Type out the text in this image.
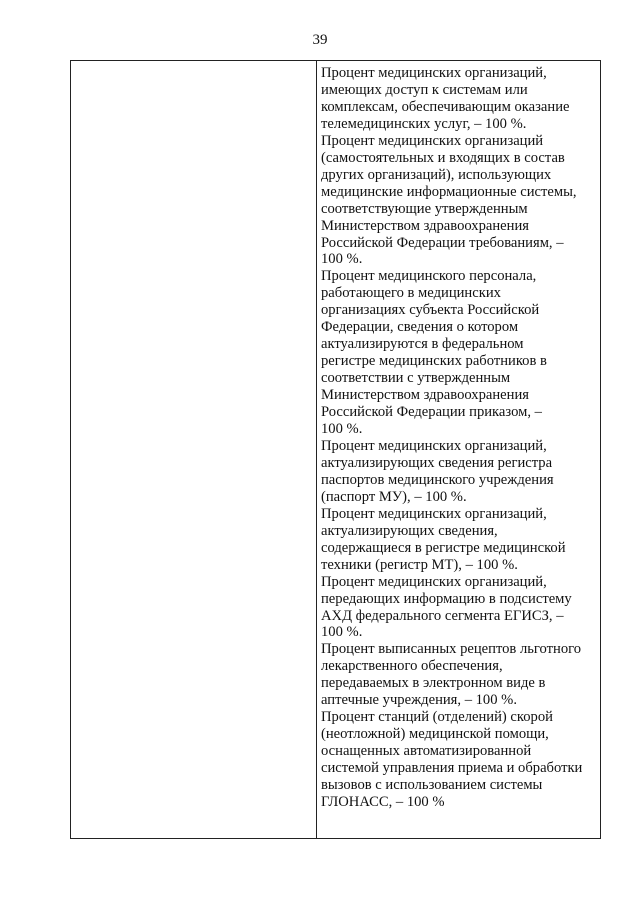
39
Процент медицинских организаций,
имеющих доступ к системам или
комплексам, обеспечивающим оказание
телемедицинских услуг, – 100 %.
Процент медицинских организаций
(самостоятельных и входящих в состав
других организаций), использующих
медицинские информационные системы,
соответствующие утвержденным
Министерством здравоохранения
Российской Федерации требованиям, –
100 %.
Процент медицинского персонала,
работающего в медицинских
организациях субъекта Российской
Федерации, сведения о котором
актуализируются в федеральном
регистре медицинских работников в
соответствии с утвержденным
Министерством здравоохранения
Российской Федерации приказом, –
100 %.
Процент медицинских организаций,
актуализирующих сведения регистра
паспортов медицинского учреждения
(паспорт МУ), – 100 %.
Процент медицинских организаций,
актуализирующих сведения,
содержащиеся в регистре медицинской
техники (регистр МТ), – 100 %.
Процент медицинских организаций,
передающих информацию в подсистему
АХД федерального сегмента ЕГИСЗ, –
100 %.
Процент выписанных рецептов льготного
лекарственного обеспечения,
передаваемых в электронном виде в
аптечные учреждения, – 100 %.
Процент станций (отделений) скорой
(неотложной) медицинской помощи,
оснащенных автоматизированной
системой управления приема и обработки
вызовов с использованием системы
ГЛОНАСС, – 100 %
